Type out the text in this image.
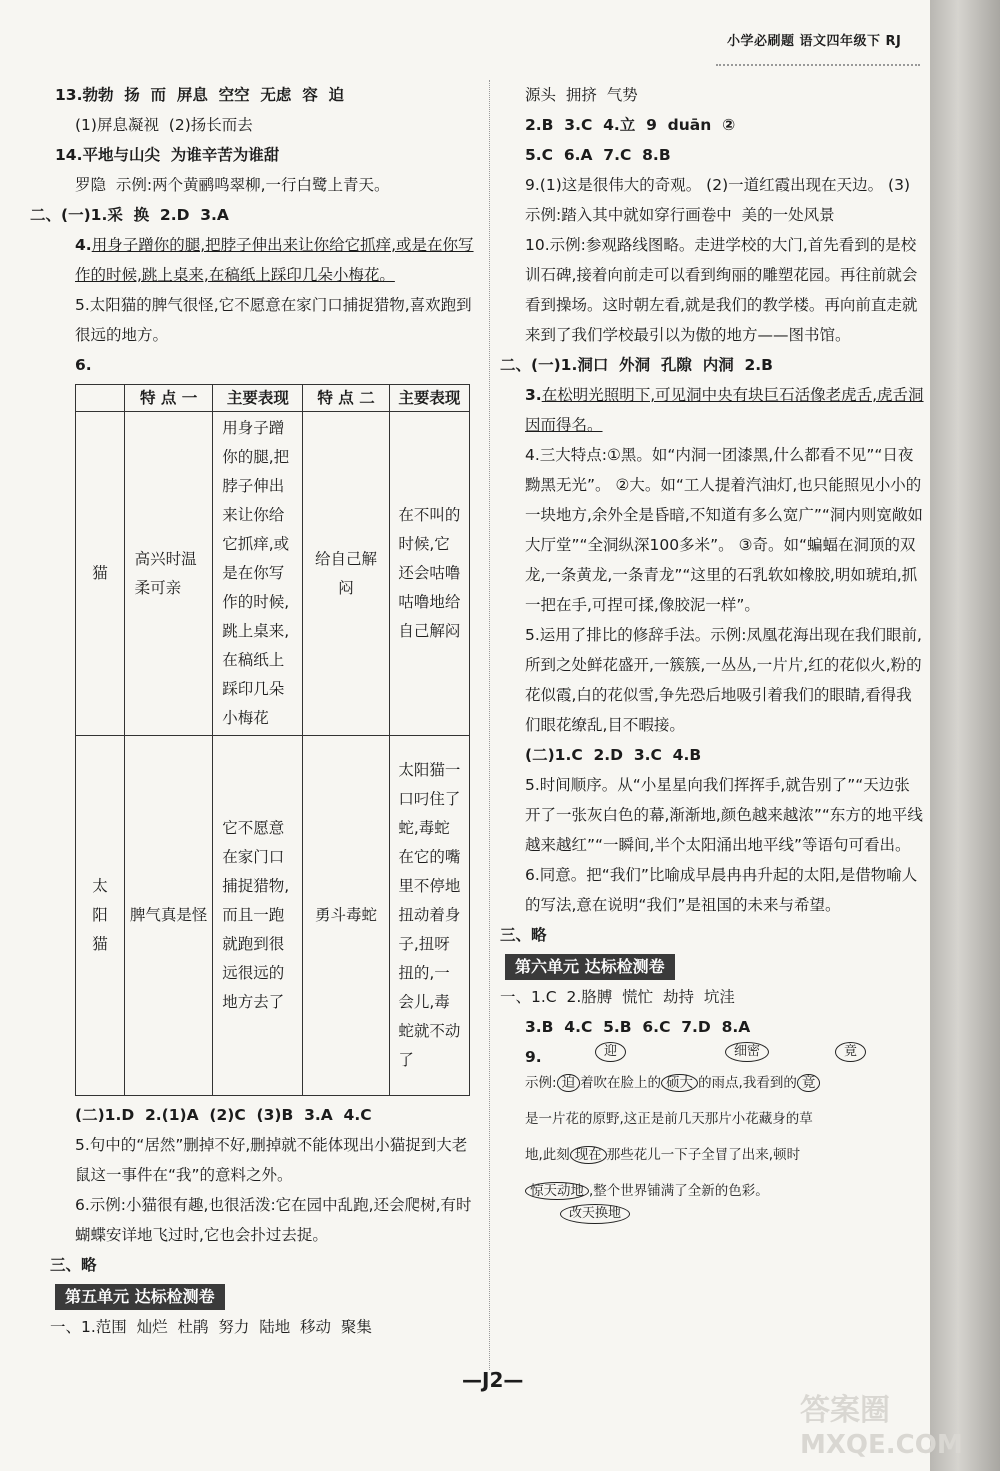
小学必刷题 语文四年级下 RJ

13.勃勃  扬  而  屏息  空空  无虑  容  迫

(1)屏息凝视  (2)扬长而去

14.平地与山尖  为谁辛苦为谁甜

罗隐  示例:两个黄鹂鸣翠柳,一行白鹭上青天。

二、(一)1.采  换  2.D  3.A

4.用身子蹭你的腿,把脖子伸出来让你给它抓痒,或是在你写作的时候,跳上桌来,在稿纸上踩印几朵小梅花。

5.太阳猫的脾气很怪,它不愿意在家门口捕捉猎物,喜欢跑到很远的地方。

6.

	特 点 一	主要表现	特 点 二	主要表现
猫	高兴时温柔可亲	用身子蹭你的腿,把脖子伸出来让你给它抓痒,或是在你写作的时候,跳上桌来,在稿纸上踩印几朵小梅花	给自己解闷	在不叫的时候,它还会咕噜咕噜地给自己解闷
太阳猫	脾气真是怪	它不愿意在家门口捕捉猎物,而且一跑就跑到很远很远的地方去了	勇斗毒蛇	太阳猫一口叼住了蛇,毒蛇在它的嘴里不停地扭动着身子,扭呀扭的,一会儿,毒蛇就不动了

(二)1.D  2.(1)A  (2)C  (3)B  3.A  4.C

5.句中的“居然”删掉不好,删掉就不能体现出小猫捉到大老鼠这一事件在“我”的意料之外。

6.示例:小猫很有趣,也很活泼:它在园中乱跑,还会爬树,有时蝴蝶安详地飞过时,它也会扑过去捉。

三、略

第五单元 达标检测卷

一、1.范围  灿烂  杜鹃  努力  陆地  移动  聚集

源头  拥挤  气势

2.B  3.C  4.立  9  duān  ②

5.C  6.A  7.C  8.B

9.(1)这是很伟大的奇观。 (2)一道红霞出现在天边。 (3)示例:踏入其中就如穿行画卷中  美的一处风景

10.示例:参观路线图略。走进学校的大门,首先看到的是校训石碑,接着向前走可以看到绚丽的雕塑花园。再往前就会看到操场。这时朝左看,就是我们的教学楼。再向前直走就来到了我们学校最引以为傲的地方——图书馆。

二、(一)1.洞口  外洞  孔隙  内洞  2.B

3.在松明光照明下,可见洞中央有块巨石活像老虎舌,虎舌洞因而得名。

4.三大特点:①黑。如“内洞一团漆黑,什么都看不见”“日夜黝黑无光”。 ②大。如“工人提着汽油灯,也只能照见小小的一块地方,余外全是昏暗,不知道有多么宽广”“洞内则宽敞如大厅堂”“全洞纵深100多米”。 ③奇。如“蝙蝠在洞顶的双龙,一条黄龙,一条青龙”“这里的石乳软如橡胶,明如琥珀,抓一把在手,可捏可揉,像胶泥一样”。

5.运用了排比的修辞手法。示例:凤凰花海出现在我们眼前,所到之处鲜花盛开,一簇簇,一丛丛,一片片,红的花似火,粉的花似霞,白的花似雪,争先恐后地吸引着我们的眼睛,看得我们眼花缭乱,目不暇接。

(二)1.C  2.D  3.C  4.B

5.时间顺序。从“小星星向我们挥挥手,就告别了”“天边张开了一张灰白色的幕,渐渐地,颜色越来越浓”“东方的地平线越来越红”“一瞬间,半个太阳涌出地平线”等语句可看出。

6.同意。把“我们”比喻成早晨冉冉升起的太阳,是借物喻人的写法,意在说明“我们”是祖国的未来与希望。

三、略

第六单元 达标检测卷

一、1.C  2.胳膊  慌忙  劫持  坑洼

3.B  4.C  5.B  6.C  7.D  8.A

9.	迎	细密	竟
示例: 迫 着吹在脸上的 硕大 的雨点,我看到的 竟
是一片花的原野,这正是前几天那片小花藏身的草
地,此刻 现在 那些花儿一下子全冒了出来,顿时
惊天动地 ,整个世界铺满了全新的色彩。
改天换地
—J2—
答案圈
MXQE.COM
